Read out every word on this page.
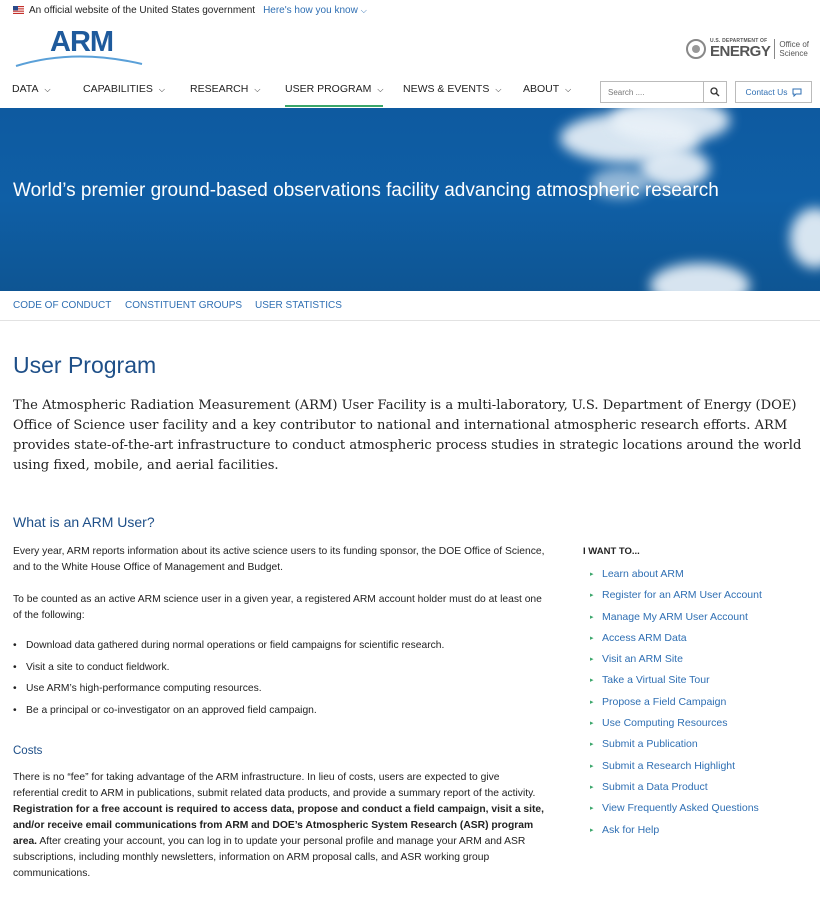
An official website of the United States government Here's how you know ⌵
ARM	U.S. DEPARTMENT OF
ENERGY Office of
Science
DATA ⌵	CAPABILITIES ⌵ RESEARCH ⌵ USER PROGRAM ⌵ NEWS & EVENTS ⌵ ABOUT ⌵	Search ....	Contact Us
World’s premier ground-based observations facility advancing atmospheric research
CODE OF CONDUCT CONSTITUENT GROUPS USER STATISTICS
User Program
The Atmospheric Radiation Measurement (ARM) User Facility is a multi-laboratory, U.S. Department of Energy (DOE) Office of Science user facility and a key contributor to national and international atmospheric research efforts. ARM provides state-of-the-art infrastructure to conduct atmospheric process studies in strategic locations around the world using fixed, mobile, and aerial facilities.
What is an ARM User?
Every year, ARM reports information about its active science users to its funding sponsor, the DOE Office of Science, and to the White House Office of Management and Budget.
To be counted as an active ARM science user in a given year, a registered ARM account holder must do at least one of the following:
• Download data gathered during normal operations or field campaigns for scientific research.
• Visit a site to conduct fieldwork.
• Use ARM’s high-performance computing resources.
• Be a principal or co-investigator on an approved field campaign.
Costs
There is no “fee” for taking advantage of the ARM infrastructure. In lieu of costs, users are expected to give referential credit to ARM in publications, submit related data products, and provide a summary report of the activity. Registration for a free account is required to access data, propose and conduct a field campaign, visit a site, and/or receive email communications from ARM and DOE’s Atmospheric System Research (ASR) program area. After creating your account, you can log in to update your personal profile and manage your ARM and ASR subscriptions, including monthly newsletters, information on ARM proposal calls, and ASR working group communications.
I WANT TO...
▸ Learn about ARM
▸ Register for an ARM User Account
▸ Manage My ARM User Account
▸ Access ARM Data
▸ Visit an ARM Site
▸ Take a Virtual Site Tour
▸ Propose a Field Campaign
▸ Use Computing Resources
▸ Submit a Publication
▸ Submit a Research Highlight
▸ Submit a Data Product
▸ View Frequently Asked Questions
▸ Ask for Help
